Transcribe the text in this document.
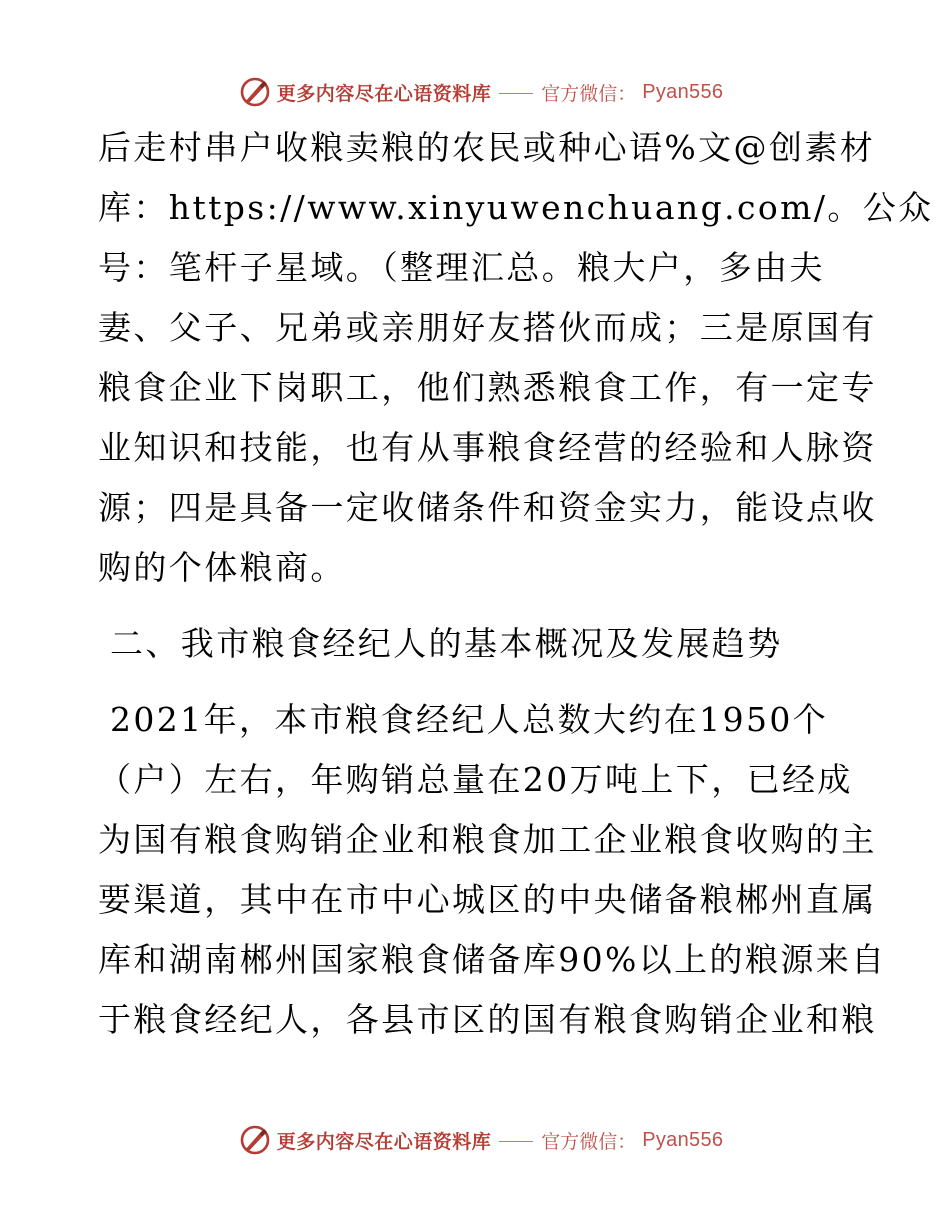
更多内容尽在心语资料库	官方微信： Pyan556

后走村串户收粮卖粮的农民或种心语%文@创素材

库：https://www.xinyuwenchuang.com/。公众

号：笔杆子星域。（整理汇总。粮大户，多由夫

妻、父子、兄弟或亲朋好友搭伙而成；三是原国有

粮食企业下岗职工，他们熟悉粮食工作，有一定专

业知识和技能，也有从事粮食经营的经验和人脉资

源；四是具备一定收储条件和资金实力，能设点收

购的个体粮商。

二、我市粮食经纪人的基本概况及发展趋势

2021年，本市粮食经纪人总数大约在1950个

（户）左右，年购销总量在20万吨上下，已经成

为国有粮食购销企业和粮食加工企业粮食收购的主

要渠道，其中在市中心城区的中央储备粮郴州直属

库和湖南郴州国家粮食储备库90%以上的粮源来自

于粮食经纪人，各县市区的国有粮食购销企业和粮

更多内容尽在心语资料库	官方微信： Pyan556
